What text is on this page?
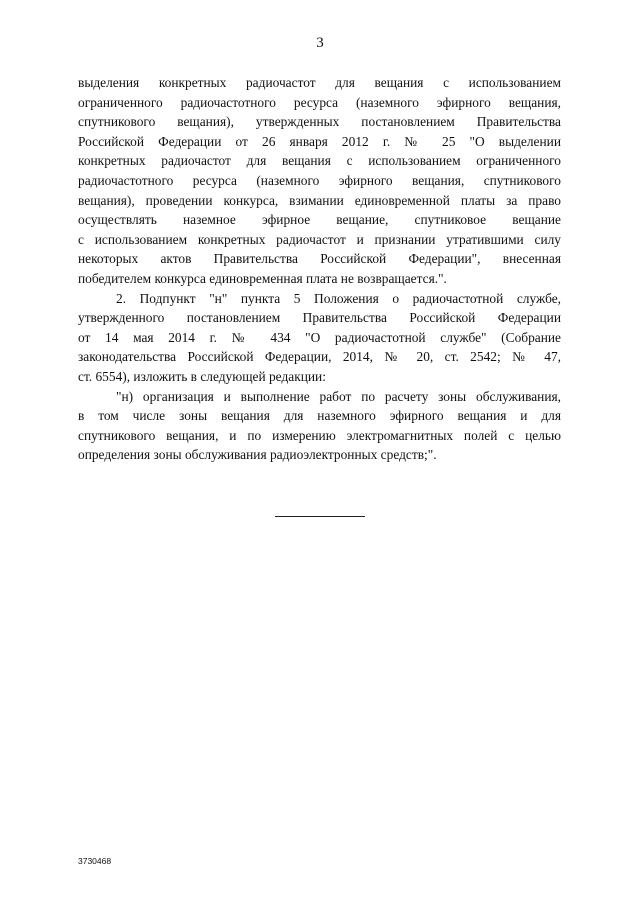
3
выделения конкретных радиочастот для вещания с использованием
ограниченного радиочастотного ресурса (наземного эфирного вещания,
спутникового вещания), утвержденных постановлением Правительства
Российской Федерации от 26 января 2012 г. № 25 "О выделении
конкретных радиочастот для вещания с использованием ограниченного
радиочастотного ресурса (наземного эфирного вещания, спутникового
вещания), проведении конкурса, взимании единовременной платы за право
осуществлять наземное эфирное вещание, спутниковое вещание
с использованием конкретных радиочастот и признании утратившими силу
некоторых актов Правительства Российской Федерации", внесенная
победителем конкурса единовременная плата не возвращается.".
2. Подпункт "н" пункта 5 Положения о радиочастотной службе,
утвержденного постановлением Правительства Российской Федерации
от 14 мая 2014 г. № 434 "О радиочастотной службе" (Собрание
законодательства Российской Федерации, 2014, № 20, ст. 2542; № 47,
ст. 6554), изложить в следующей редакции:
"н) организация и выполнение работ по расчету зоны обслуживания,
в том числе зоны вещания для наземного эфирного вещания и для
спутникового вещания, и по измерению электромагнитных полей с целью
определения зоны обслуживания радиоэлектронных средств;".
3730468
